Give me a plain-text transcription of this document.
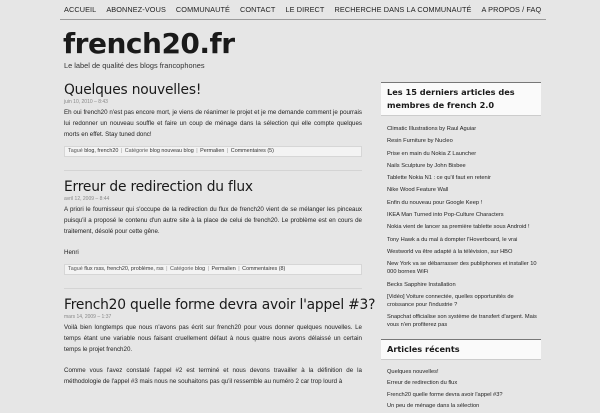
ACCUEIL	ABONNEZ-VOUS	COMMUNAUTÉ	CONTACT	LE DIRECT	RECHERCHE DANS LA COMMUNAUTÉ	A PROPOS / FAQ
french20.fr
Le label de qualité des blogs francophones
Quelques nouvelles!
juin 10, 2010 – 8:43

Eh oui french20 n'est pas encore mort, je viens de réanimer le projet et je me demande comment je pourrais lui redonner un nouveau souffle et faire un coup de ménage dans la sélection qui elle compte quelques morts en effet. Stay tuned donc!

Tagué blog, french20 | Catégorie blog nouveau blog | Permalien | Commentaires (5)
Erreur de redirection du flux
avril 12, 2009 – 8:44

A priori le fournisseur qui s'occupe de la redirection du flux de french20 vient de se mélanger les pinceaux puisqu'il a proposé le contenu d'un autre site à la place de celui de french20. Le problème est en cours de traitement, désolé pour cette gêne.

Henri

Tagué flux rsss, french20, problème, rss | Catégorie blog | Permalien | Commentaires (8)
French20 quelle forme devra avoir l'appel #3?
mars 14, 2009 – 1:37

Voilà bien longtemps que nous n'avons pas écrit sur french20 pour vous donner quelques nouvelles. Le temps étant une variable nous faisant cruellement défaut à nous quatre nous avons délaissé un certain temps le projet french20.

Comme vous l'avez constaté l'appel #2 est terminé et nous devons travailler à la définition de la méthodologie de l'appel #3 mais nous ne souhaitons pas qu'il ressemble au numéro 2 car trop lourd à

Les 15 derniers articles des membres de french 2.0
Climatic Illustrations by Raul Aguiar
Resin Furniture by Nucleo
Prise en main du Nokia Z Launcher
Nails Sculpture by John Bisbee
Tablette Nokia N1 : ce qu'il faut en retenir
Nike Wood Feature Wall
Enfin du nouveau pour Google Keep !
IKEA Man Turned into Pop-Culture Characters
Nokia vient de lancer sa première tablette sous Android !
Tony Hawk a du mal à dompter l'Hoverboard, le vrai
Westworld va être adapté à la télévision, sur HBO
New York va se débarrasser des publiphones et installer 10 000 bornes WiFi
Becks Sapphire Installation
[Vidéo] Voiture connectée, quelles opportunités de croissance pour l'industrie ?
Snapchat officialise son système de transfert d'argent. Mais vous n'en profiterez pas
Articles récents
Quelques nouvelles!
Erreur de redirection du flux
French20 quelle forme devra avoir l'appel #3?
Un peu de ménage dans la sélection
